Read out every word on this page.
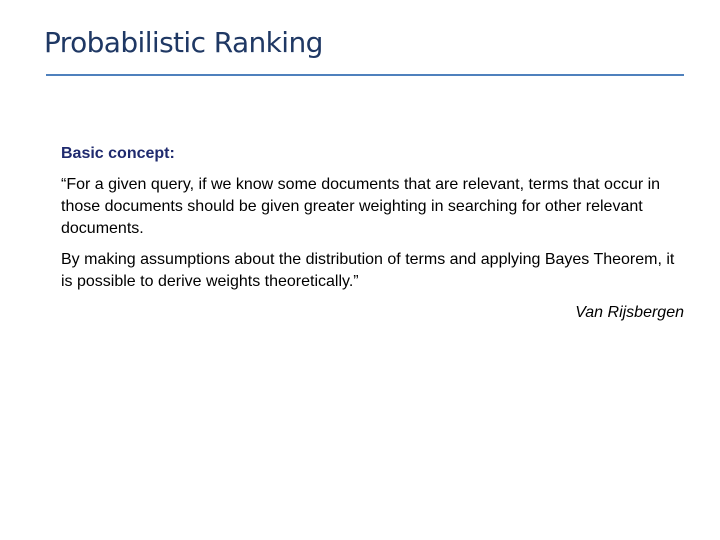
Probabilistic Ranking

Basic concept:

“For a given query, if we know some documents that are relevant, terms that occur in those documents should be given greater weighting in searching for other relevant documents.

By making assumptions about the distribution of terms and applying Bayes Theorem, it is possible to derive weights theoretically.”

Van Rijsbergen
